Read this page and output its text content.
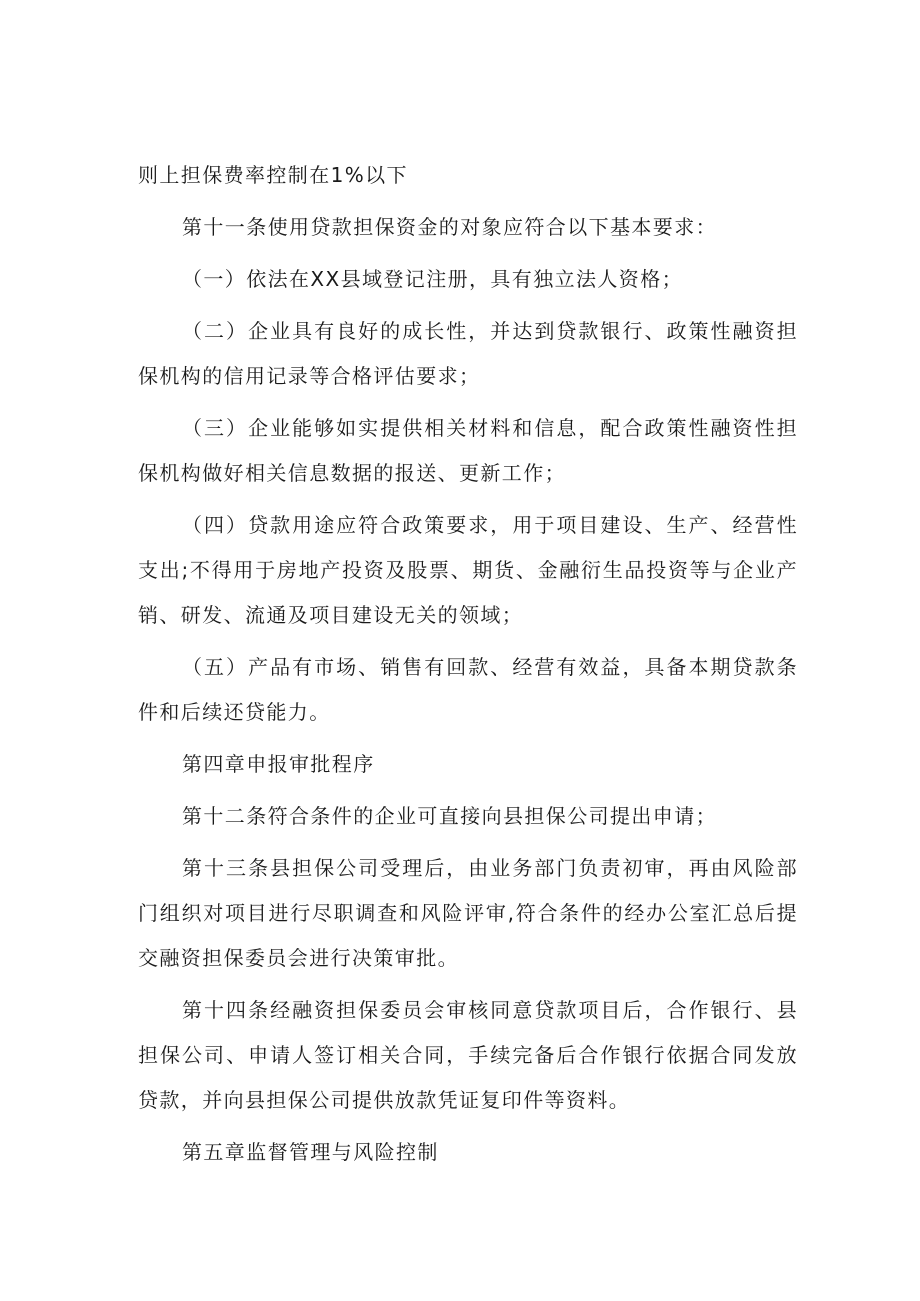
则上担保费率控制在1%以下

第十一条使用贷款担保资金的对象应符合以下基本要求：

（一）依法在XX县域登记注册，具有独立法人资格；

（二）企业具有良好的成长性，并达到贷款银行、政策性融资担保机构的信用记录等合格评估要求；

（三）企业能够如实提供相关材料和信息，配合政策性融资性担保机构做好相关信息数据的报送、更新工作；

（四）贷款用途应符合政策要求，用于项目建设、生产、经营性支出;不得用于房地产投资及股票、期货、金融衍生品投资等与企业产销、研发、流通及项目建设无关的领域；

（五）产品有市场、销售有回款、经营有效益，具备本期贷款条件和后续还贷能力。

第四章申报审批程序

第十二条符合条件的企业可直接向县担保公司提出申请；

第十三条县担保公司受理后，由业务部门负责初审，再由风险部门组织对项目进行尽职调查和风险评审,符合条件的经办公室汇总后提交融资担保委员会进行决策审批。

第十四条经融资担保委员会审核同意贷款项目后，合作银行、县担保公司、申请人签订相关合同，手续完备后合作银行依据合同发放贷款，并向县担保公司提供放款凭证复印件等资料。

第五章监督管理与风险控制
